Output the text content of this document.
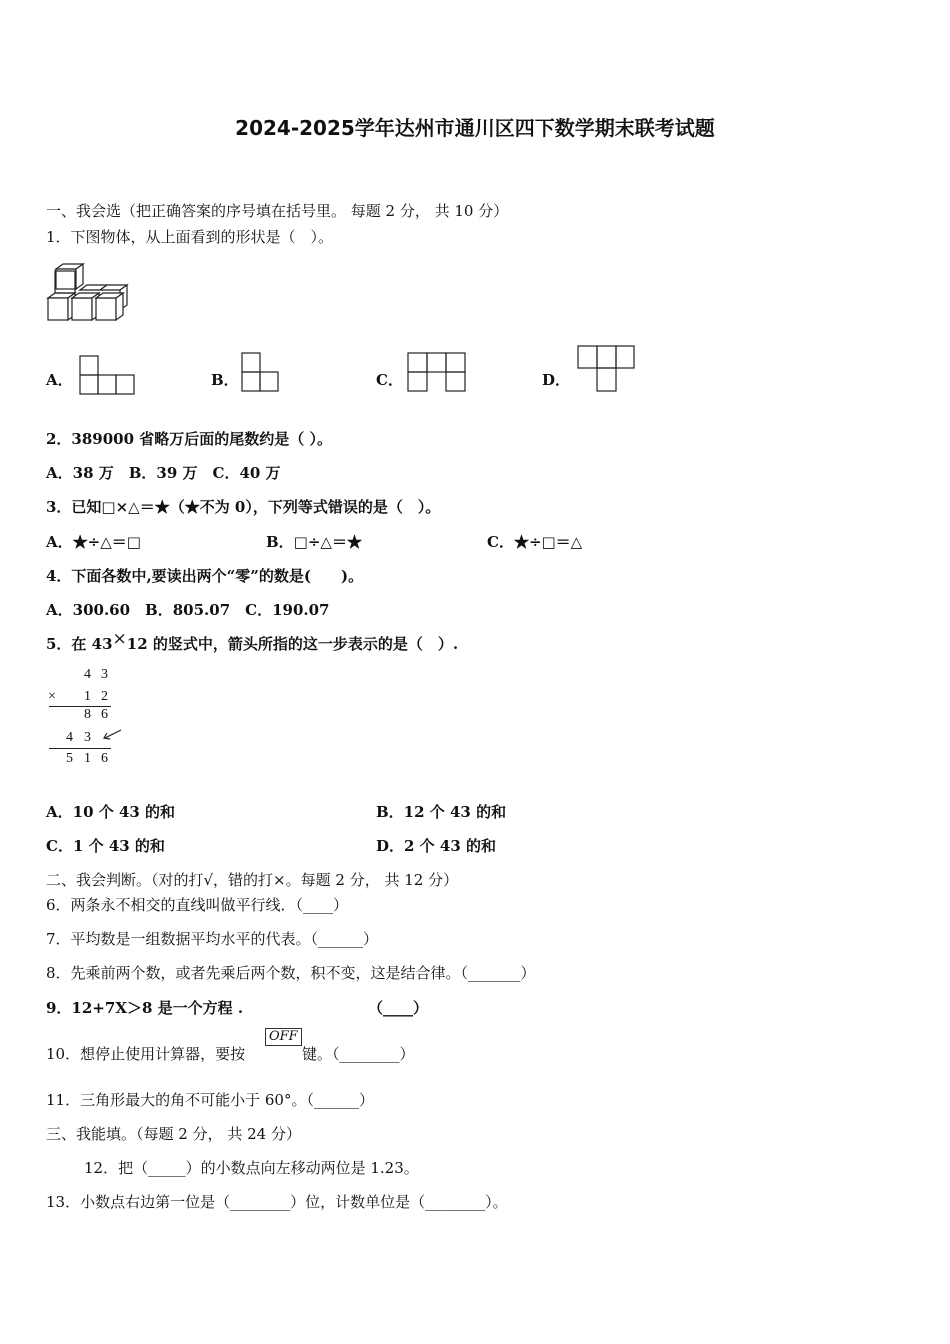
2024-2025学年达州市通川区四下数学期末联考试题
一、我会选（把正确答案的序号填在括号里。 每题 2 分， 共 10 分）
1．下图物体，从上面看到的形状是（　）。
A．	B．	C．	D．
2．389000 省略万后面的尾数约是（ ）。
A．38 万　B．39 万　C．40 万
3．已知□×△＝★（★不为 0），下列等式错误的是（　）。
A．★÷△＝□	B．□÷△＝★	C．★÷□＝△
4．下面各数中,要读出两个“零”的数是(　　)。
A．300.60　B．805.07　C．190.07
5．在 43×12 的竖式中，箭头所指的这一步表示的是（　）.
4 3
× 1 2
8 6
4 3
5 1 6
A．10 个 43 的和	B．12 个 43 的和
C．1 个 43 的和	D．2 个 43 的和
二、我会判断。（对的打√，错的打×。每题 2 分， 共 12 分）
6．两条永不相交的直线叫做平行线．（____）
7．平均数是一组数据平均水平的代表。（______）
8．先乘前两个数，或者先乘后两个数，积不变，这是结合律。（_______）
9．12+7X＞8 是一个方程 .	（____）
10．想停止使用计算器，要按
OFF
键。（________）
11．三角形最大的角不可能小于 60°。（______）
三、我能填。（每题 2 分， 共 24 分）
12．把（_____）的小数点向左移动两位是 1.23。
13．小数点右边第一位是（________）位，计数单位是（________）。
